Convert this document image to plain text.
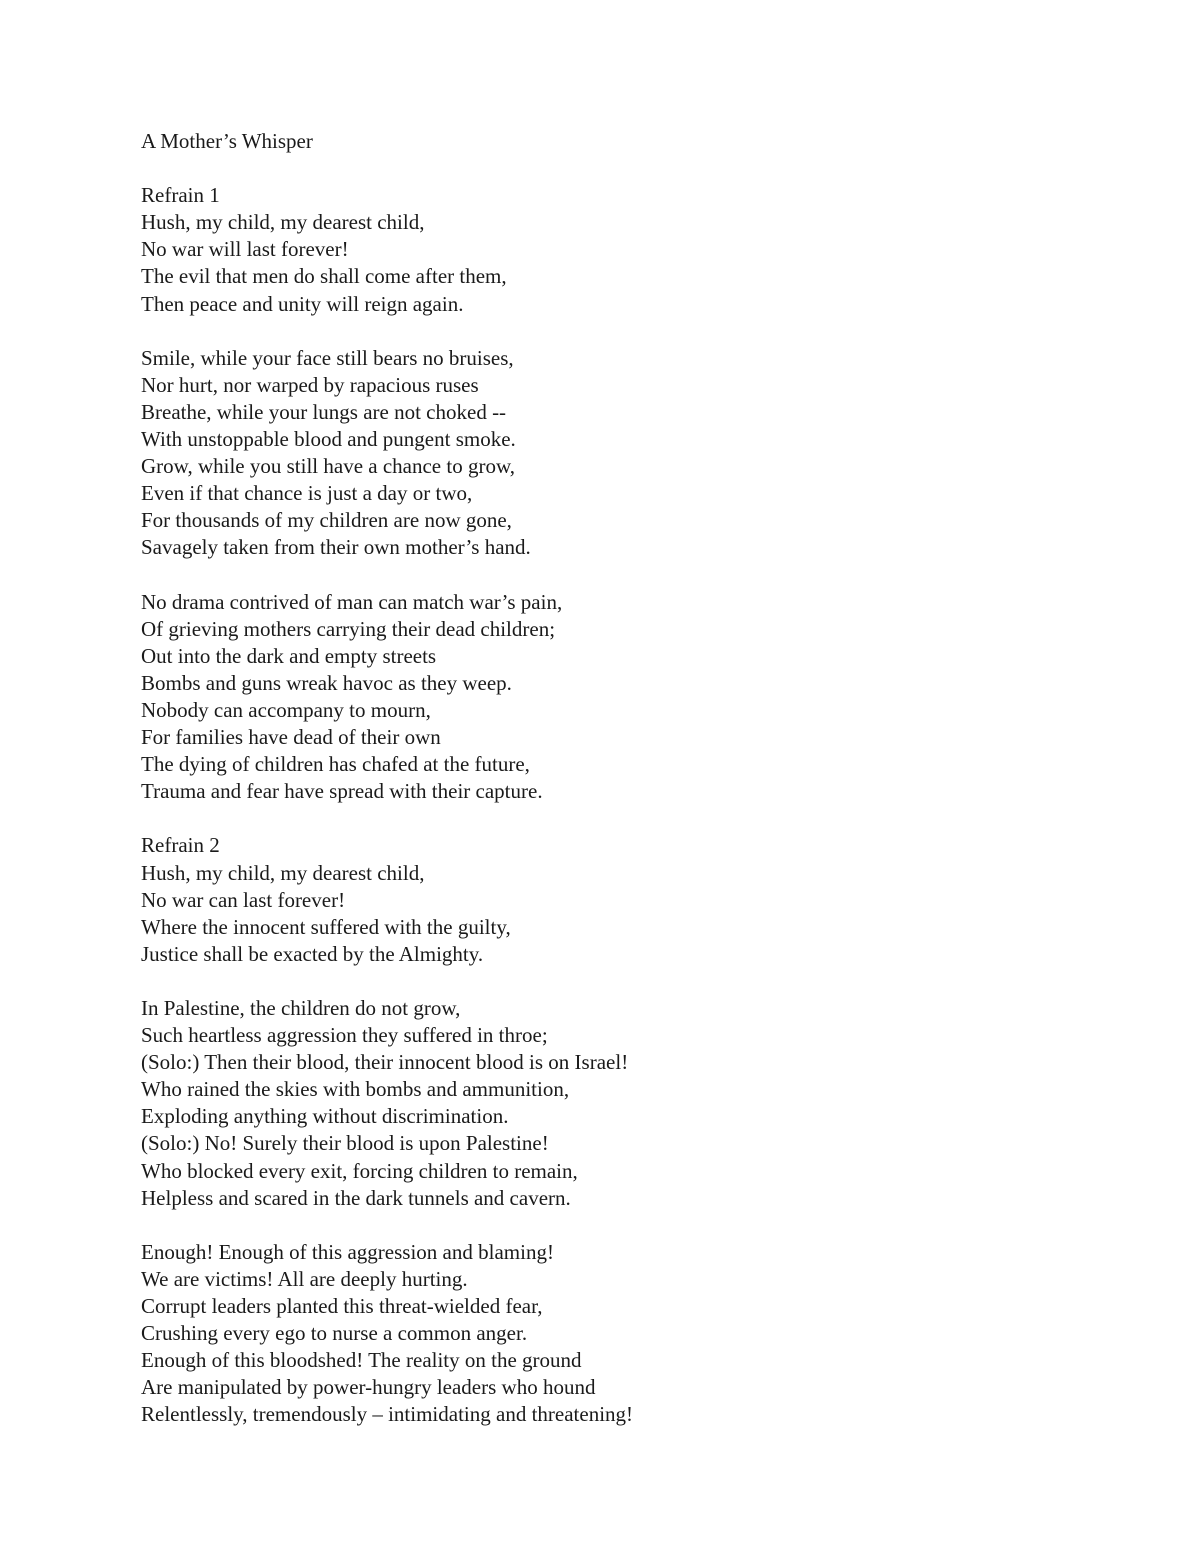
A Mother’s Whisper
Refrain 1
Hush, my child, my dearest child,
No war will last forever!
The evil that men do shall come after them,
Then peace and unity will reign again.
Smile, while your face still bears no bruises,
Nor hurt, nor warped by rapacious ruses
Breathe, while your lungs are not choked --
With unstoppable blood and pungent smoke.
Grow, while you still have a chance to grow,
Even if that chance is just a day or two,
For thousands of my children are now gone,
Savagely taken from their own mother’s hand.
No drama contrived of man can match war’s pain,
Of grieving mothers carrying their dead children;
Out into the dark and empty streets
Bombs and guns wreak havoc as they weep.
Nobody can accompany to mourn,
For families have dead of their own
The dying of children has chafed at the future,
Trauma and fear have spread with their capture.
Refrain 2
Hush, my child, my dearest child,
No war can last forever!
Where the innocent suffered with the guilty,
Justice shall be exacted by the Almighty.
In Palestine, the children do not grow,
Such heartless aggression they suffered in throe;
(Solo:) Then their blood, their innocent blood is on Israel!
Who rained the skies with bombs and ammunition,
Exploding anything without discrimination.
(Solo:) No! Surely their blood is upon Palestine!
Who blocked every exit, forcing children to remain,
Helpless and scared in the dark tunnels and cavern.
Enough! Enough of this aggression and blaming!
We are victims! All are deeply hurting.
Corrupt leaders planted this threat-wielded fear,
Crushing every ego to nurse a common anger.
Enough of this bloodshed! The reality on the ground
Are manipulated by power-hungry leaders who hound
Relentlessly, tremendously – intimidating and threatening!
